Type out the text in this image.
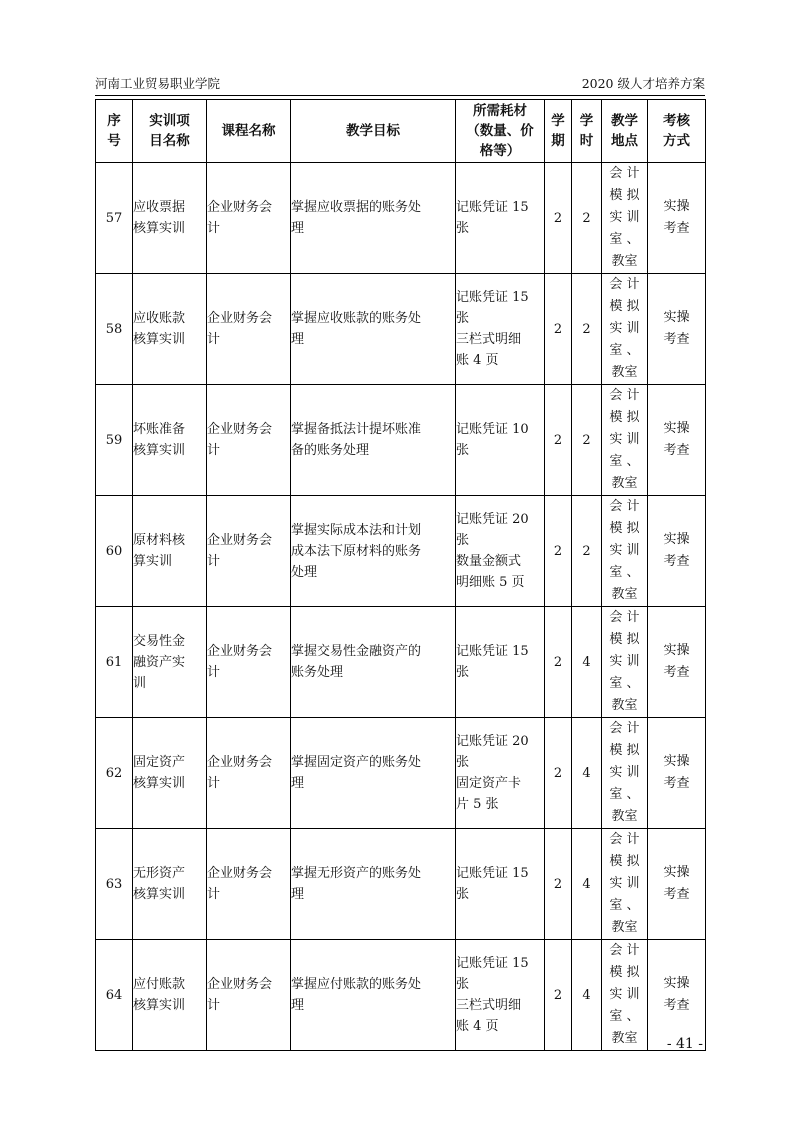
河南工业贸易职业学院	2020 级人才培养方案
序
号	实训项
目名称	课程名称	教学目标	所需耗材
（数量、价
格等）	学
期	学
时	教学
地点	考核
方式

57	应收票据
核算实训	企业财务会
计	掌握应收票据的账务处
理	记账凭证 15
张	2	2	会 计
模 拟
实 训
室 、
教室	实操
考查

58	应收账款
核算实训	企业财务会
计	掌握应收账款的账务处
理	记账凭证 15
张
三栏式明细
账 4 页	2	2	会 计
模 拟
实 训
室 、
教室	实操
考查

59	坏账准备
核算实训	企业财务会
计	掌握备抵法计提坏账准
备的账务处理	记账凭证 10
张	2	2	会 计
模 拟
实 训
室 、
教室	实操
考查

60	原材料核
算实训	企业财务会
计	掌握实际成本法和计划
成本法下原材料的账务
处理	记账凭证 20
张
数量金额式
明细账 5 页	2	2	会 计
模 拟
实 训
室 、
教室	实操
考查

61	交易性金
融资产实
训	企业财务会
计	掌握交易性金融资产的
账务处理	记账凭证 15
张	2	4	会 计
模 拟
实 训
室 、
教室	实操
考查

62	固定资产
核算实训	企业财务会
计	掌握固定资产的账务处
理	记账凭证 20
张
固定资产卡
片 5 张	2	4	会 计
模 拟
实 训
室 、
教室	实操
考查

63	无形资产
核算实训	企业财务会
计	掌握无形资产的账务处
理	记账凭证 15
张	2	4	会 计
模 拟
实 训
室 、
教室	实操
考查

64	应付账款
核算实训	企业财务会
计	掌握应付账款的账务处
理	记账凭证 15
张
三栏式明细
账 4 页	2	4	会 计
模 拟
实 训
室 、
教室	实操
考查
- 41 -
